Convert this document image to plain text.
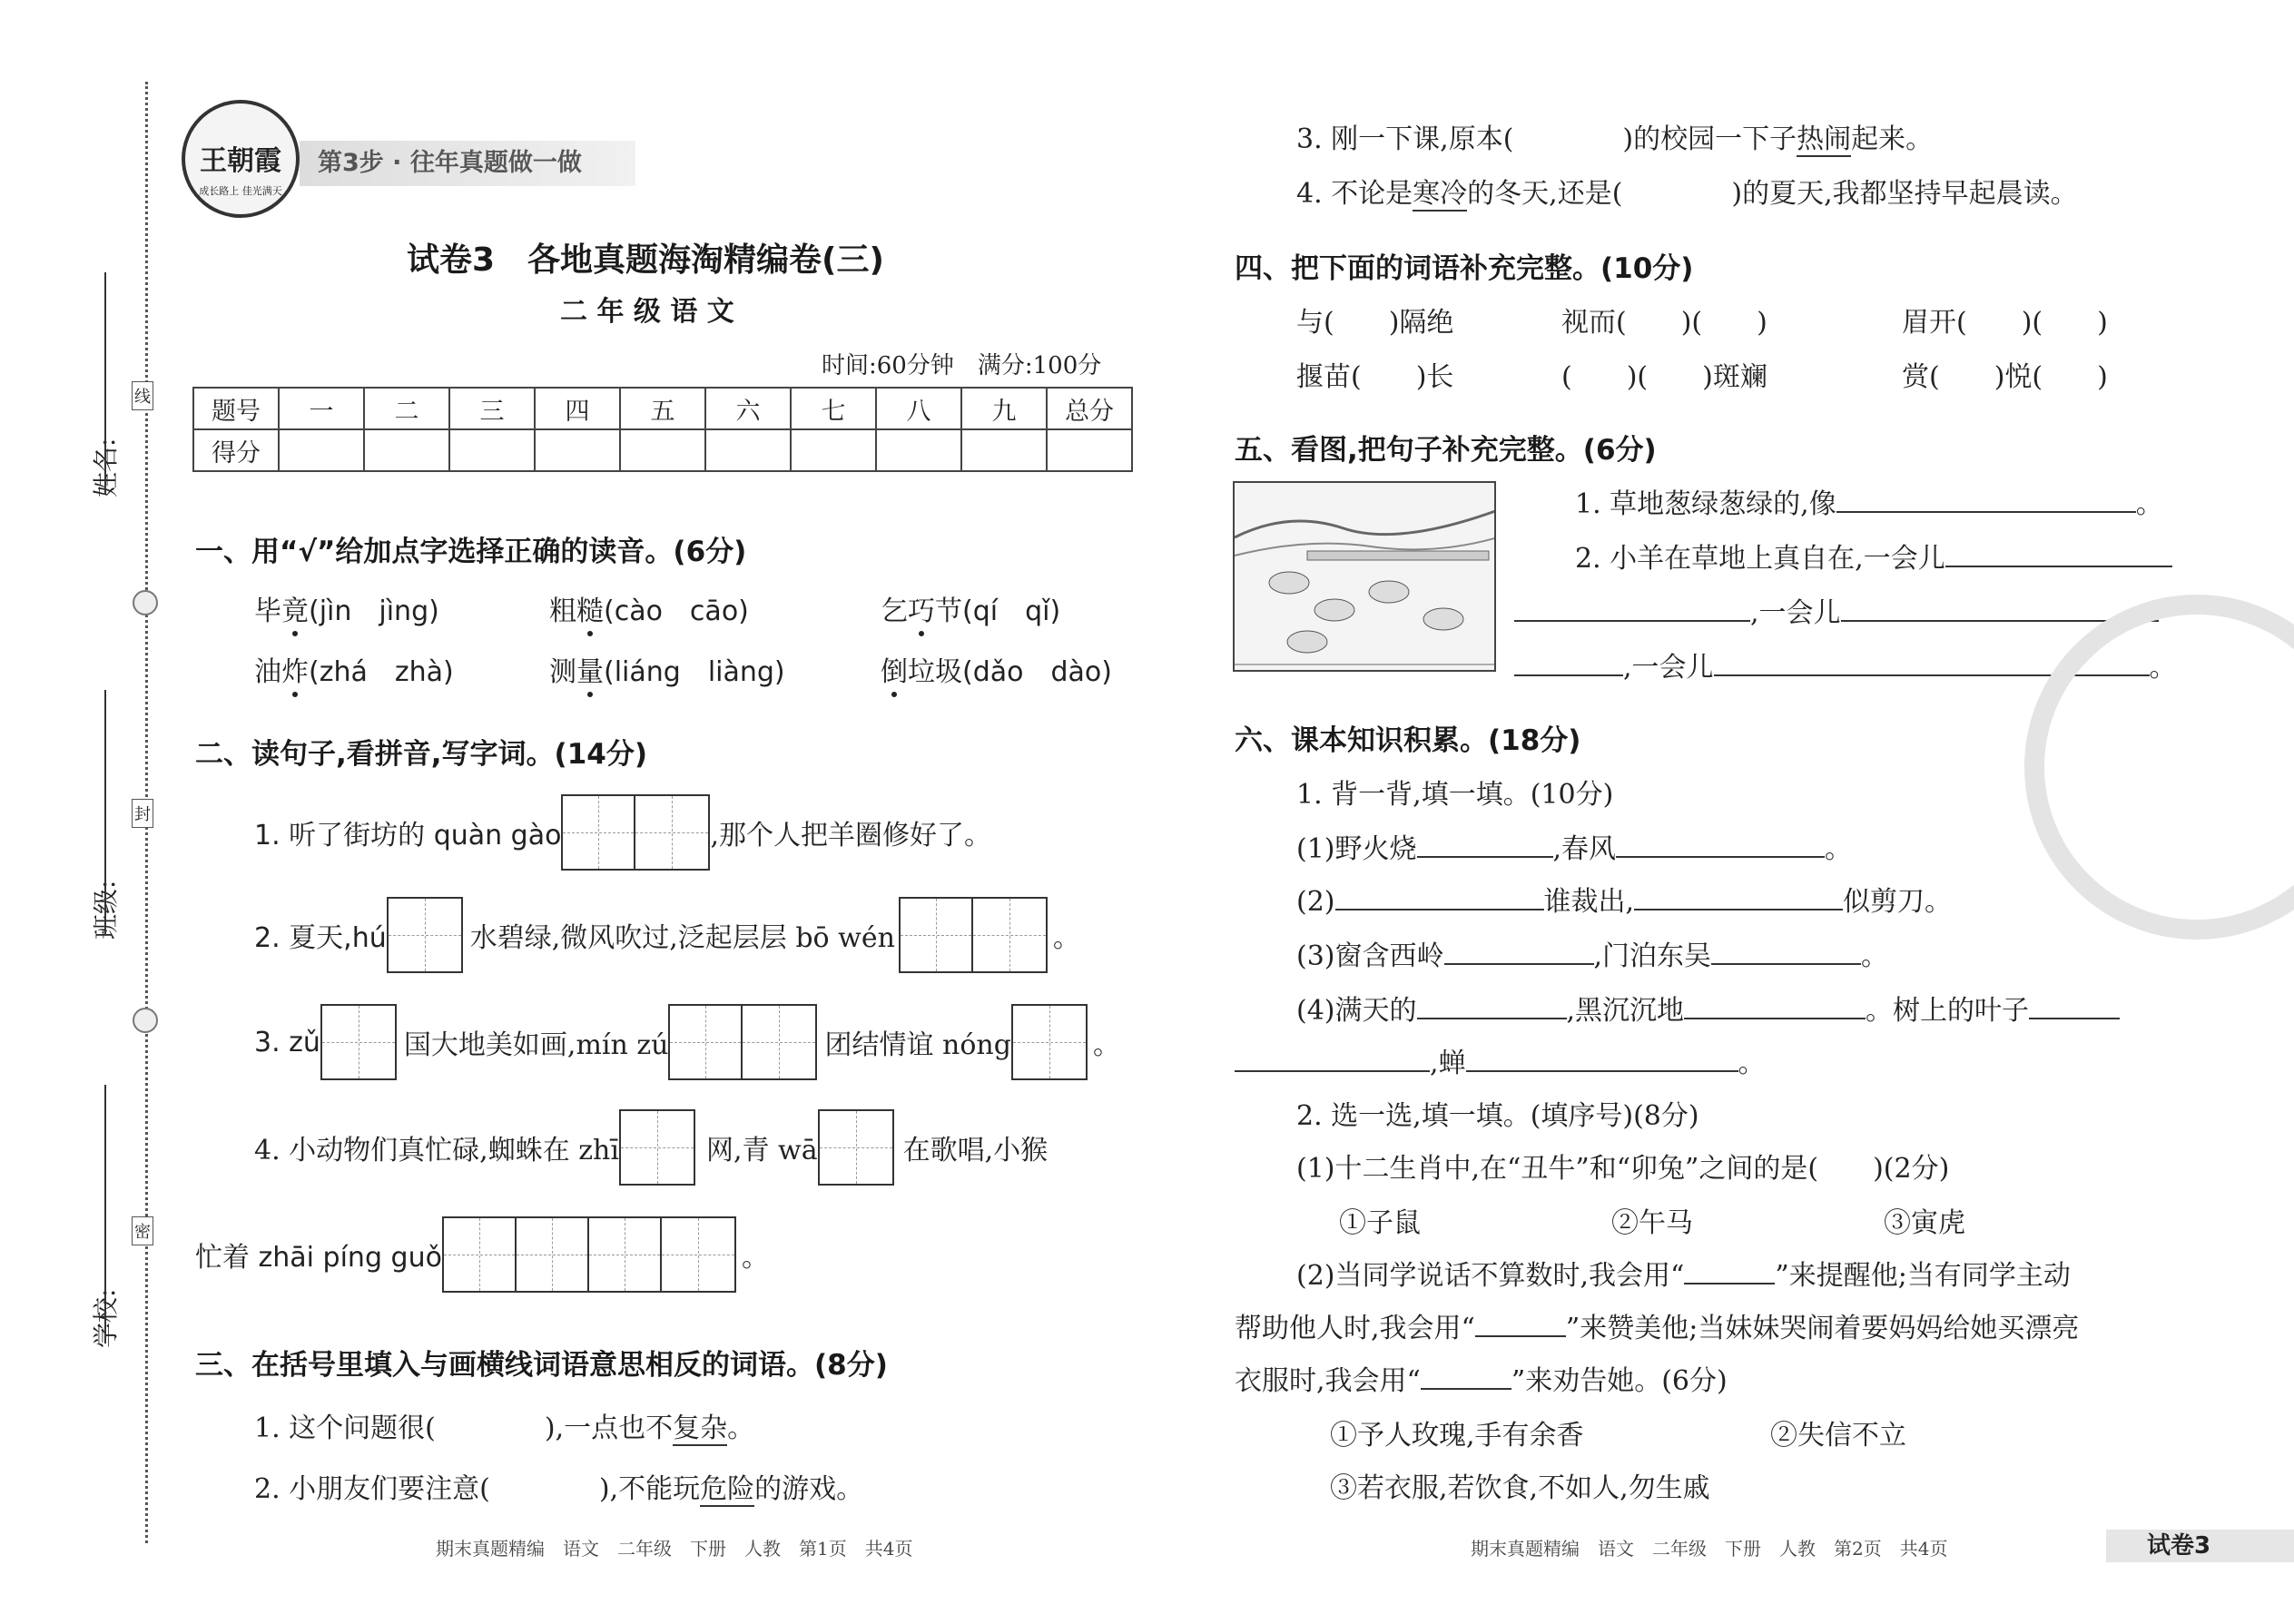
姓名:
班级:
学校:
线
封
密
王朝霞
成长路上 佳光满天
第3步 · 往年真题做一做
试卷3　各地真题海淘精编卷(三)
二 年 级 语 文
时间:60分钟　满分:100分
题号	一	二	三	四	五	六	七	八	九	总分
得分										
一、用“√”给加点字选择正确的读音。(6分)
毕竟(jìn　jìng)	粗糙(cào　cāo)	乞巧节(qí　qǐ)
油炸(zhá　zhà)	测量(liáng　liàng)	倒垃圾(dǎo　dào)
二、读句子,看拼音,写字词。(14分)
1. 听了街坊的 quàn gào	,那个人把羊圈修好了。
2. 夏天,hú	水碧绿,微风吹过,泛起层层 bō wén	。
3. zǔ	国大地美如画,mín zú	团结情谊 nóng	。
4. 小动物们真忙碌,蜘蛛在 zhī	网,青 wā	在歌唱,小猴
忙着 zhāi píng guǒ	。
三、在括号里填入与画横线词语意思相反的词语。(8分)
1. 这个问题很(　　　　),一点也不复杂。
2. 小朋友们要注意(　　　　),不能玩危险的游戏。
3. 刚一下课,原本(　　　　)的校园一下子热闹起来。
4. 不论是寒冷的冬天,还是(　　　　)的夏天,我都坚持早起晨读。
四、把下面的词语补充完整。(10分)
与(　　)隔绝	视而(　　)(　　)	眉开(　　)(　　)
揠苗(　　)长	(　　)(　　)斑斓	赏(　　)悦(　　)
五、看图,把句子补充完整。(6分)
1. 草地葱绿葱绿的,像	。
2. 小羊在草地上真自在,一会儿
,一会儿
,一会儿	。
六、课本知识积累。(18分)
1. 背一背,填一填。(10分)
(1)野火烧	,春风	。
(2)	谁裁出,	似剪刀。
(3)窗含西岭	,门泊东吴	。
(4)满天的	,黑沉沉地	。树上的叶子
,蝉	。
2. 选一选,填一填。(填序号)(8分)
(1)十二生肖中,在“丑牛”和“卯兔”之间的是(　　)(2分)
①子鼠	②午马	③寅虎
(2)当同学说话不算数时,我会用“	”来提醒他;当有同学主动
帮助他人时,我会用“	”来赞美他;当妹妹哭闹着要妈妈给她买漂亮
衣服时,我会用“	”来劝告她。(6分)
①予人玫瑰,手有余香	②失信不立
③若衣服,若饮食,不如人,勿生戚
期末真题精编　语文　二年级　下册　人教　第1页　共4页	期末真题精编　语文　二年级　下册　人教　第2页　共4页	试卷3
